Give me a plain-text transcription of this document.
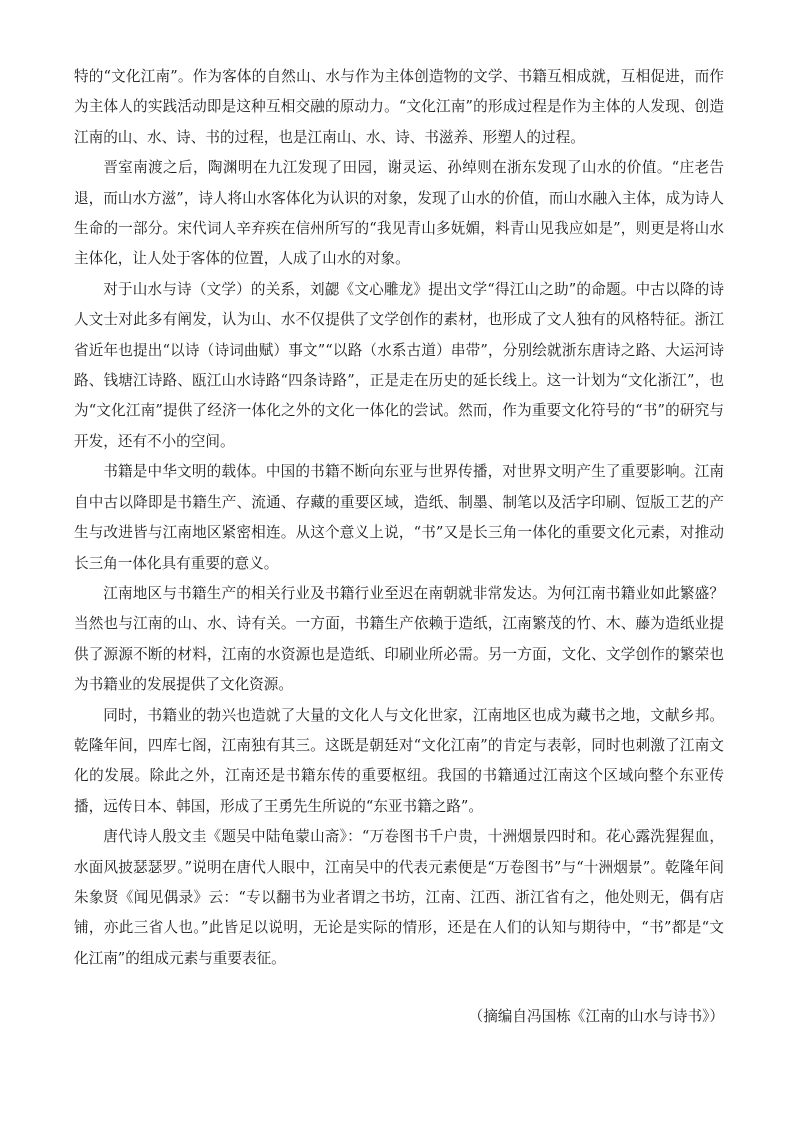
特的“文化江南”。作为客体的自然山、水与作为主体创造物的文学、书籍互相成就，互相促进，而作为主体人的实践活动即是这种互相交融的原动力。“文化江南”的形成过程是作为主体的人发现、创造江南的山、水、诗、书的过程，也是江南山、水、诗、书滋养、形塑人的过程。

晋室南渡之后，陶渊明在九江发现了田园，谢灵运、孙绰则在浙东发现了山水的价值。“庄老告退，而山水方滋”，诗人将山水客体化为认识的对象，发现了山水的价值，而山水融入主体，成为诗人生命的一部分。宋代词人辛弃疾在信州所写的“我见青山多妩媚，料青山见我应如是”，则更是将山水主体化，让人处于客体的位置，人成了山水的对象。

对于山水与诗（文学）的关系，刘勰《文心雕龙》提出文学“得江山之助”的命题。中古以降的诗人文士对此多有阐发，认为山、水不仅提供了文学创作的素材，也形成了文人独有的风格特征。浙江省近年也提出“以诗（诗词曲赋）事文”“以路（水系古道）串带”，分别绘就浙东唐诗之路、大运河诗路、钱塘江诗路、瓯江山水诗路“四条诗路”，正是走在历史的延长线上。这一计划为“文化浙江”，也为“文化江南”提供了经济一体化之外的文化一体化的尝试。然而，作为重要文化符号的“书”的研究与开发，还有不小的空间。

书籍是中华文明的载体。中国的书籍不断向东亚与世界传播，对世界文明产生了重要影响。江南自中古以降即是书籍生产、流通、存藏的重要区域，造纸、制墨、制笔以及活字印刷、饾版工艺的产生与改进皆与江南地区紧密相连。从这个意义上说，“书”又是长三角一体化的重要文化元素，对推动长三角一体化具有重要的意义。

江南地区与书籍生产的相关行业及书籍行业至迟在南朝就非常发达。为何江南书籍业如此繁盛？当然也与江南的山、水、诗有关。一方面，书籍生产依赖于造纸，江南繁茂的竹、木、藤为造纸业提供了源源不断的材料，江南的水资源也是造纸、印刷业所必需。另一方面，文化、文学创作的繁荣也为书籍业的发展提供了文化资源。

同时，书籍业的勃兴也造就了大量的文化人与文化世家，江南地区也成为藏书之地，文献乡邦。乾隆年间，四库七阁，江南独有其三。这既是朝廷对“文化江南”的肯定与表彰，同时也刺激了江南文化的发展。除此之外，江南还是书籍东传的重要枢纽。我国的书籍通过江南这个区域向整个东亚传播，远传日本、韩国，形成了王勇先生所说的“东亚书籍之路”。

唐代诗人殷文圭《题吴中陆龟蒙山斋》：“万卷图书千户贵，十洲烟景四时和。花心露洗猩猩血，水面风披瑟瑟罗。”说明在唐代人眼中，江南吴中的代表元素便是“万卷图书”与“十洲烟景”。乾隆年间朱象贤《闻见偶录》云：“专以翻书为业者谓之书坊，江南、江西、浙江省有之，他处则无，偶有店铺，亦此三省人也。”此皆足以说明，无论是实际的情形，还是在人们的认知与期待中，“书”都是“文化江南”的组成元素与重要表征。

（摘编自冯国栋《江南的山水与诗书》）
